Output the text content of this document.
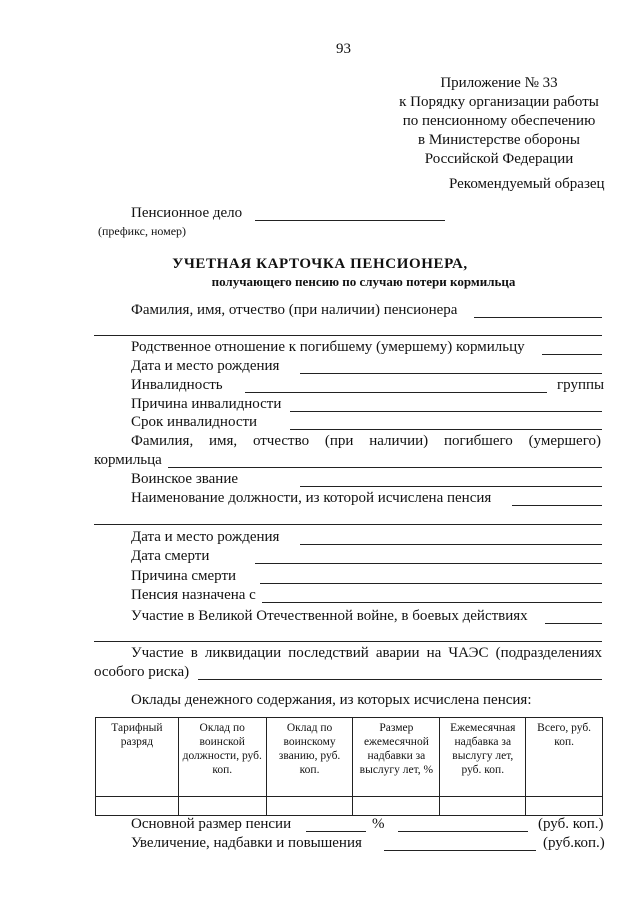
93
Приложение № 33
к Порядку организации работы
по пенсионному обеспечению
в Министерстве обороны
Российской Федерации
Рекомендуемый образец
Пенсионное дело
(префикс, номер)
УЧЕТНАЯ КАРТОЧКА ПЕНСИОНЕРА,
получающего пенсию по случаю потери кормильца
Фамилия, имя, отчество (при наличии) пенсионера
Родственное отношение к погибшему (умершему) кормильцу
Дата и место рождения
Инвалидность	группы
Причина инвалидности
Срок инвалидности
Фамилия, имя, отчество (при наличии) погибшего (умершего)
кормильца
Воинское звание
Наименование должности, из которой исчислена пенсия
Дата и место рождения
Дата смерти
Причина смерти
Пенсия назначена с
Участие в Великой Отечественной войне, в боевых действиях
Участие в ликвидации последствий аварии на ЧАЭС (подразделениях
особого риска)
Оклады денежного содержания, из которых исчислена пенсия:
Тарифный разряд	Оклад по воинской должности, руб. коп.	Оклад по воинскому званию, руб. коп.	Размер ежемесячной надбавки за выслугу лет, %	Ежемесячная надбавка за выслугу лет, руб. коп.	Всего, руб. коп.

Основной размер пенсии	%	(руб. коп.)
Увеличение, надбавки и повышения	(руб.коп.)
